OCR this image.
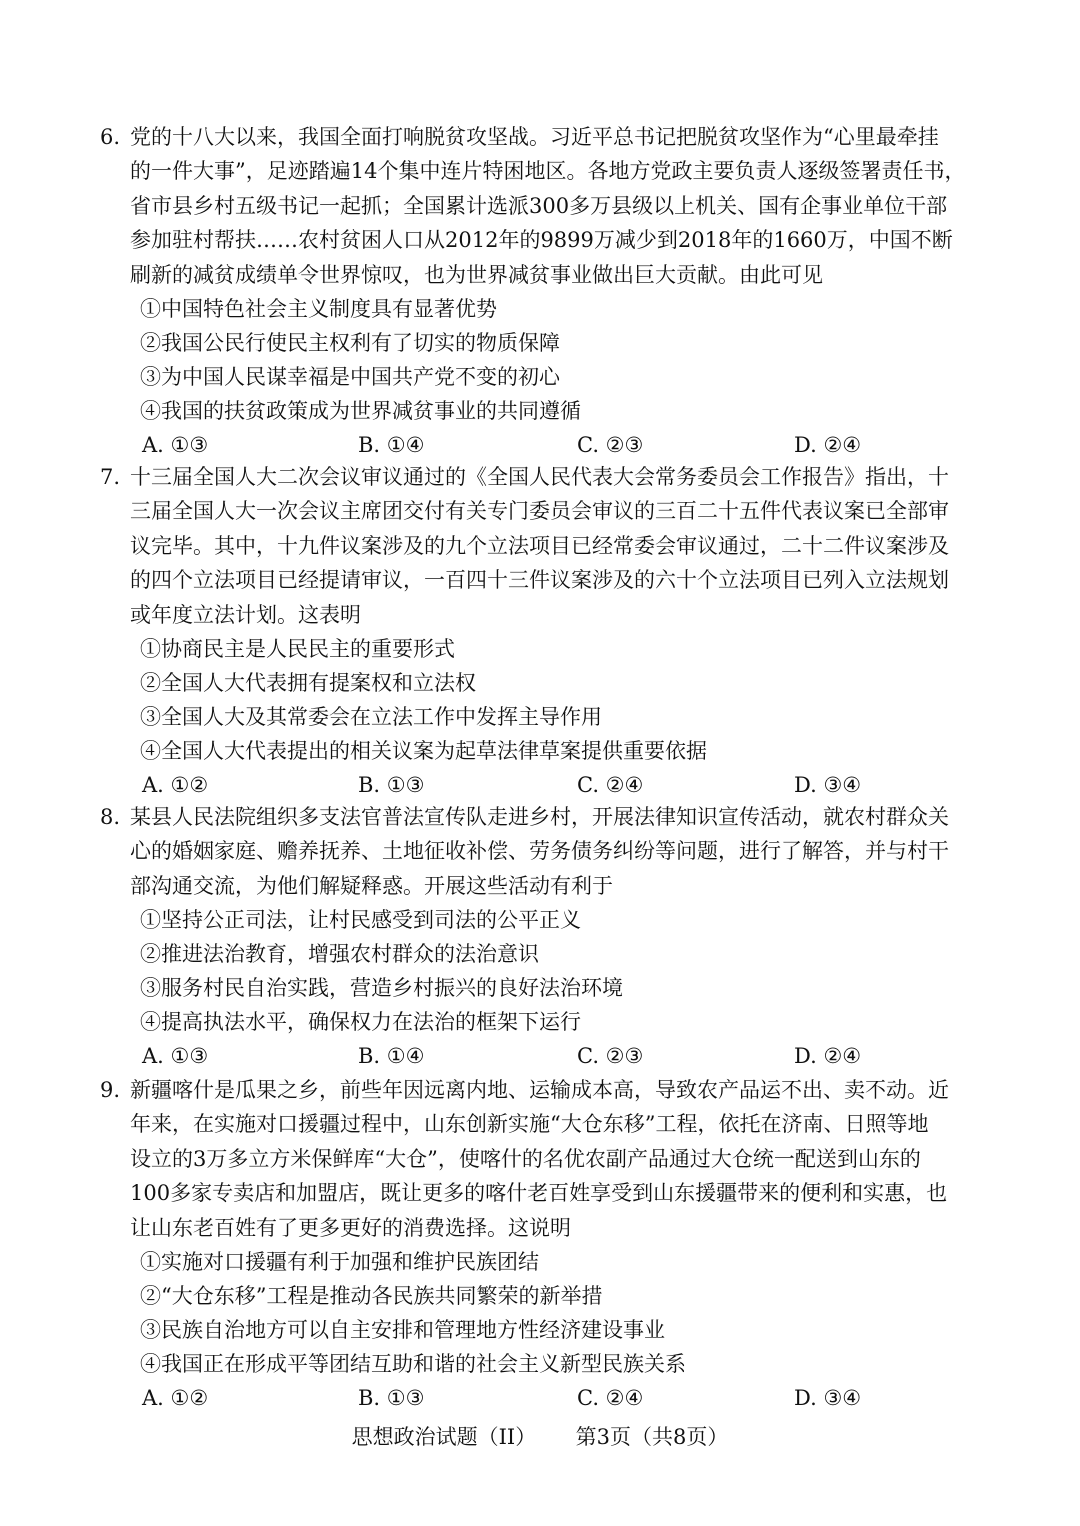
6. 党的十八大以来，我国全面打响脱贫攻坚战。习近平总书记把脱贫攻坚作为“心里最牵挂
的一件大事”，足迹踏遍14个集中连片特困地区。各地方党政主要负责人逐级签署责任书，
省市县乡村五级书记一起抓；全国累计选派300多万县级以上机关、国有企事业单位干部
参加驻村帮扶……农村贫困人口从2012年的9899万减少到2018年的1660万，中国不断
刷新的减贫成绩单令世界惊叹，也为世界减贫事业做出巨大贡献。由此可见
①中国特色社会主义制度具有显著优势
②我国公民行使民主权利有了切实的物质保障
③为中国人民谋幸福是中国共产党不变的初心
④我国的扶贫政策成为世界减贫事业的共同遵循
A. ①③	B. ①④	C. ②③	D. ②④
7. 十三届全国人大二次会议审议通过的《全国人民代表大会常务委员会工作报告》指出，十
三届全国人大一次会议主席团交付有关专门委员会审议的三百二十五件代表议案已全部审
议完毕。其中，十九件议案涉及的九个立法项目已经常委会审议通过，二十二件议案涉及
的四个立法项目已经提请审议，一百四十三件议案涉及的六十个立法项目已列入立法规划
或年度立法计划。这表明
①协商民主是人民民主的重要形式
②全国人大代表拥有提案权和立法权
③全国人大及其常委会在立法工作中发挥主导作用
④全国人大代表提出的相关议案为起草法律草案提供重要依据
A. ①②	B. ①③	C. ②④	D. ③④
8. 某县人民法院组织多支法官普法宣传队走进乡村，开展法律知识宣传活动，就农村群众关
心的婚姻家庭、赡养抚养、土地征收补偿、劳务债务纠纷等问题，进行了解答，并与村干
部沟通交流，为他们解疑释惑。开展这些活动有利于
①坚持公正司法，让村民感受到司法的公平正义
②推进法治教育，增强农村群众的法治意识
③服务村民自治实践，营造乡村振兴的良好法治环境
④提高执法水平，确保权力在法治的框架下运行
A. ①③	B. ①④	C. ②③	D. ②④
9. 新疆喀什是瓜果之乡，前些年因远离内地、运输成本高，导致农产品运不出、卖不动。近
年来，在实施对口援疆过程中，山东创新实施“大仓东移”工程，依托在济南、日照等地
设立的3万多立方米保鲜库“大仓”，使喀什的名优农副产品通过大仓统一配送到山东的
100多家专卖店和加盟店，既让更多的喀什老百姓享受到山东援疆带来的便利和实惠，也
让山东老百姓有了更多更好的消费选择。这说明
①实施对口援疆有利于加强和维护民族团结
②“大仓东移”工程是推动各民族共同繁荣的新举措
③民族自治地方可以自主安排和管理地方性经济建设事业
④我国正在形成平等团结互助和谐的社会主义新型民族关系
A. ①②	B. ①③	C. ②④	D. ③④
思想政治试题（II） 第3页（共8页）
